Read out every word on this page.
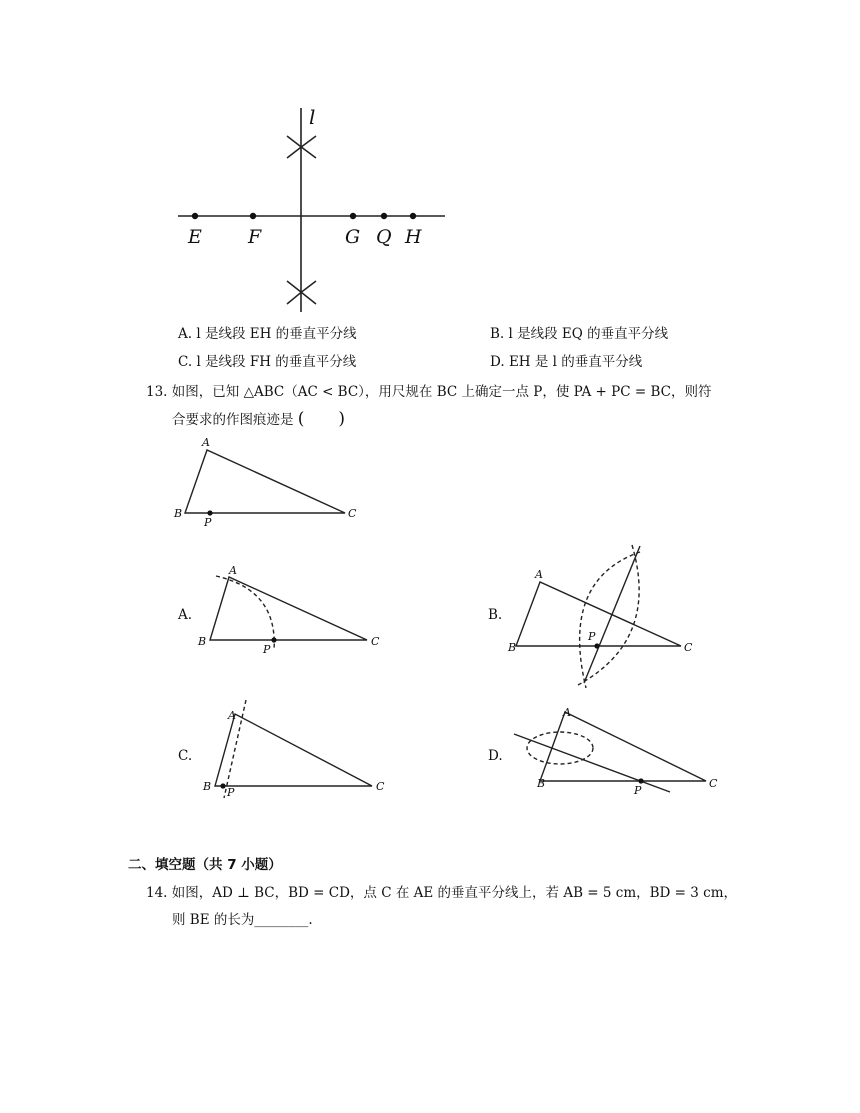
l
E F	G Q H
A. l 是线段 EH 的垂直平分线	B. l 是线段 EQ 的垂直平分线
C. l 是线段 FH 的垂直平分线	D. EH 是 l 的垂直平分线
13. 如图，已知 △ABC（AC < BC），用尺规在 BC 上确定一点 P，使 PA + PC = BC，则符
合要求的作图痕迹是 (　　)
A
B	C
P
A
B	C
P
A
B	C
P
A
B	C
P
A
B	C
P
A.	B.
C.	D.
二、填空题（共 7 小题）
14. 如图，AD ⊥ BC，BD = CD，点 C 在 AE 的垂直平分线上，若 AB = 5 cm，BD = 3 cm，
则 BE 的长为________.
